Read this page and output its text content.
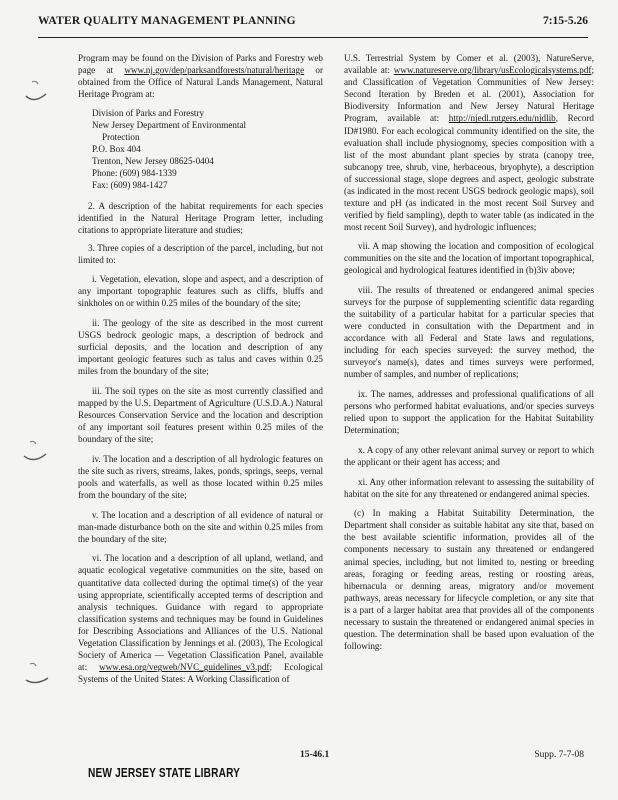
WATER QUALITY MANAGEMENT PLANNING	7:15-5.26

Program may be found on the Division of Parks and Forestry web page at www.nj.gov/dep/parksandforests/natural/heritage or obtained from the Office of Natural Lands Management, Natural Heritage Program at:

Division of Parks and Forestry
New Jersey Department of Environmental
Protection
P.O. Box 404
Trenton, New Jersey 08625-0404
Phone: (609) 984-1339
Fax: (609) 984-1427

2. A description of the habitat requirements for each species identified in the Natural Heritage Program letter, including citations to appropriate literature and studies;

3. Three copies of a description of the parcel, including, but not limited to:

i. Vegetation, elevation, slope and aspect, and a description of any important topographic features such as cliffs, bluffs and sinkholes on or within 0.25 miles of the boundary of the site;

ii. The geology of the site as described in the most current USGS bedrock geologic maps, a description of bedrock and surficial deposits, and the location and description of any important geologic features such as talus and caves within 0.25 miles from the boundary of the site;

iii. The soil types on the site as most currently classified and mapped by the U.S. Department of Agriculture (U.S.D.A.) Natural Resources Conservation Service and the location and description of any important soil features present within 0.25 miles of the boundary of the site;

iv. The location and a description of all hydrologic features on the site such as rivers, streams, lakes, ponds, springs, seeps, vernal pools and waterfalls, as well as those located within 0.25 miles from the boundary of the site;

v. The location and a description of all evidence of natural or man-made disturbance both on the site and within 0.25 miles from the boundary of the site;

vi. The location and a description of all upland, wetland, and aquatic ecological vegetative communities on the site, based on quantitative data collected during the optimal time(s) of the year using appropriate, scientifically accepted terms of description and analysis techniques. Guidance with regard to appropriate classification systems and techniques may be found in Guidelines for Describing Associations and Alliances of the U.S. National Vegetation Classification by Jennings et al. (2003), The Ecological Society of America — Vegetation Classification Panel, available at: www.esa.org/vegweb/NVC_guidelines_v3.pdf; Ecological Systems of the United States: A Working Classification of

U.S. Terrestrial System by Comer et al. (2003), NatureServe, available at: www.natureserve.org/library/usEcologicalsystems.pdf; and Classification of Vegetation Communities of New Jersey: Second Iteration by Breden et al. (2001), Association for Biodiversity Information and New Jersey Natural Heritage Program, available at: http://njedl.rutgers.edu/njdlib, Record ID#1980. For each ecological community identified on the site, the evaluation shall include physiognomy, species composition with a list of the most abundant plant species by strata (canopy tree, subcanopy tree, shrub, vine, herbaceous, bryophyte), a description of successional stage, slope degrees and aspect, geologic substrate (as indicated in the most recent USGS bedrock geologic maps), soil texture and pH (as indicated in the most recent Soil Survey and verified by field sampling), depth to water table (as indicated in the most recent Soil Survey), and hydrologic influences;

vii. A map showing the location and composition of ecological communities on the site and the location of important topographical, geological and hydrological features identified in (b)3iv above;

viii. The results of threatened or endangered animal species surveys for the purpose of supplementing scientific data regarding the suitability of a particular habitat for a particular species that were conducted in consultation with the Department and in accordance with all Federal and State laws and regulations, including for each species surveyed: the survey method, the surveyor's name(s), dates and times surveys were performed, number of samples, and number of replications;

ix. The names, addresses and professional qualifications of all persons who performed habitat evaluations, and/or species surveys relied upon to support the application for the Habitat Suitability Determination;

x. A copy of any other relevant animal survey or report to which the applicant or their agent has access; and

xi. Any other information relevant to assessing the suitability of habitat on the site for any threatened or endangered animal species.

(c) In making a Habitat Suitability Determination, the Department shall consider as suitable habitat any site that, based on the best available scientific information, provides all of the components necessary to sustain any threatened or endangered animal species, including, but not limited to, nesting or breeding areas, foraging or feeding areas, resting or roosting areas, hibernacula or denning areas, migratory and/or movement pathways, areas necessary for lifecycle completion, or any site that is a part of a larger habitat area that provides all of the components necessary to sustain the threatened or endangered animal species in question. The determination shall be based upon evaluation of the following:

15-46.1	Supp. 7-7-08
NEW JERSEY STATE LIBRARY
